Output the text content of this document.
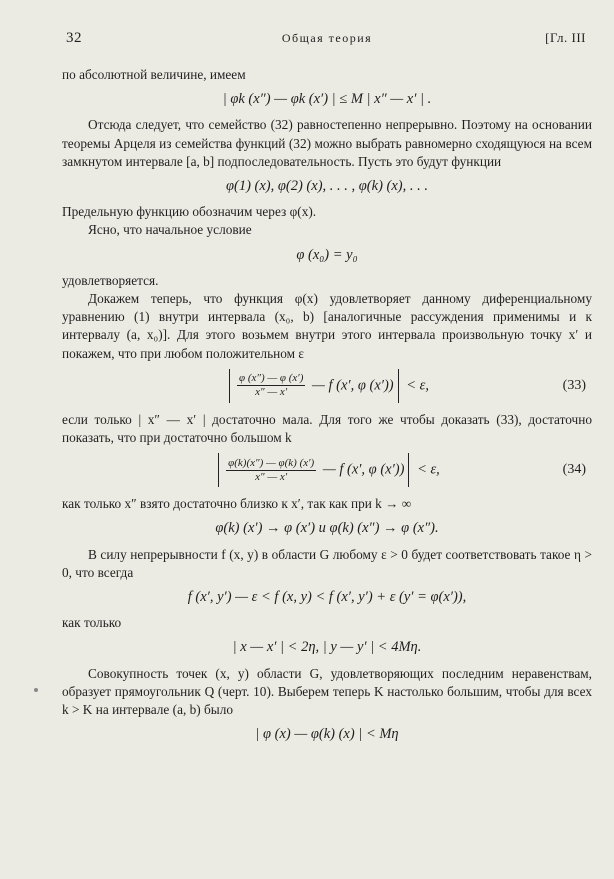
32	Общая теория	[Гл. III

по абсолютной величине, имеем

| φk (x″) — φk (x′) | ≤ M | x″ — x′ | .

Отсюда следует, что семейство (32) равностепенно непрерывно. Поэтому на основании теоремы Арцеля из семейства функций (32) можно выбрать равномерно сходящуюся на всем замкнутом интервале [a, b] подпоследовательность. Пусть это будут функции

φ(1) (x), φ(2) (x), . . . , φ(k) (x), . . .

Предельную функцию обозначим через φ(x).

Ясно, что начальное условие

φ (x₀) = y₀

удовлетворяется.

Докажем теперь, что функция φ(x) удовлетворяет данному диференциальному уравнению (1) внутри интервала (x₀, b) [аналогичные рассуждения применимы и к интервалу (a, x₀)]. Для этого возьмем внутри этого интервала произвольную точку x′ и покажем, что при любом положительном ε

$\frac{\varphi (x'') — \varphi (x')}{x'' — x'}$ — f (x′, φ (x′)) < ε,	(33)

если только | x″ — x′ | достаточно мала. Для того же чтобы доказать (33), достаточно показать, что при достаточно большом k

$\frac{\varphi(k)(x'') — \varphi(k) (x')}{x'' — x'}$ — f (x′, φ (x′)) < ε,	(34)

как только x″ взято достаточно близко к x′, так как при k → ∞

φ(k) (x′) → φ (x′) и φ(k) (x″) → φ (x″).

В силу непрерывности f (x, y) в области G любому ε > 0 будет соответствовать такое η > 0, что всегда

f (x′, y′) — ε < f (x, y) < f (x′, y′) + ε (y′ = φ(x′)),

как только

| x — x′ | < 2η, | y — y′ | < 4Mη.

Совокупность точек (x, y) области G, удовлетворяющих последним неравенствам, образует прямоугольник Q (черт. 10). Выберем теперь K настолько большим, чтобы для всех k > K на интервале (a, b) было

| φ (x) — φ(k) (x) | < Mη
